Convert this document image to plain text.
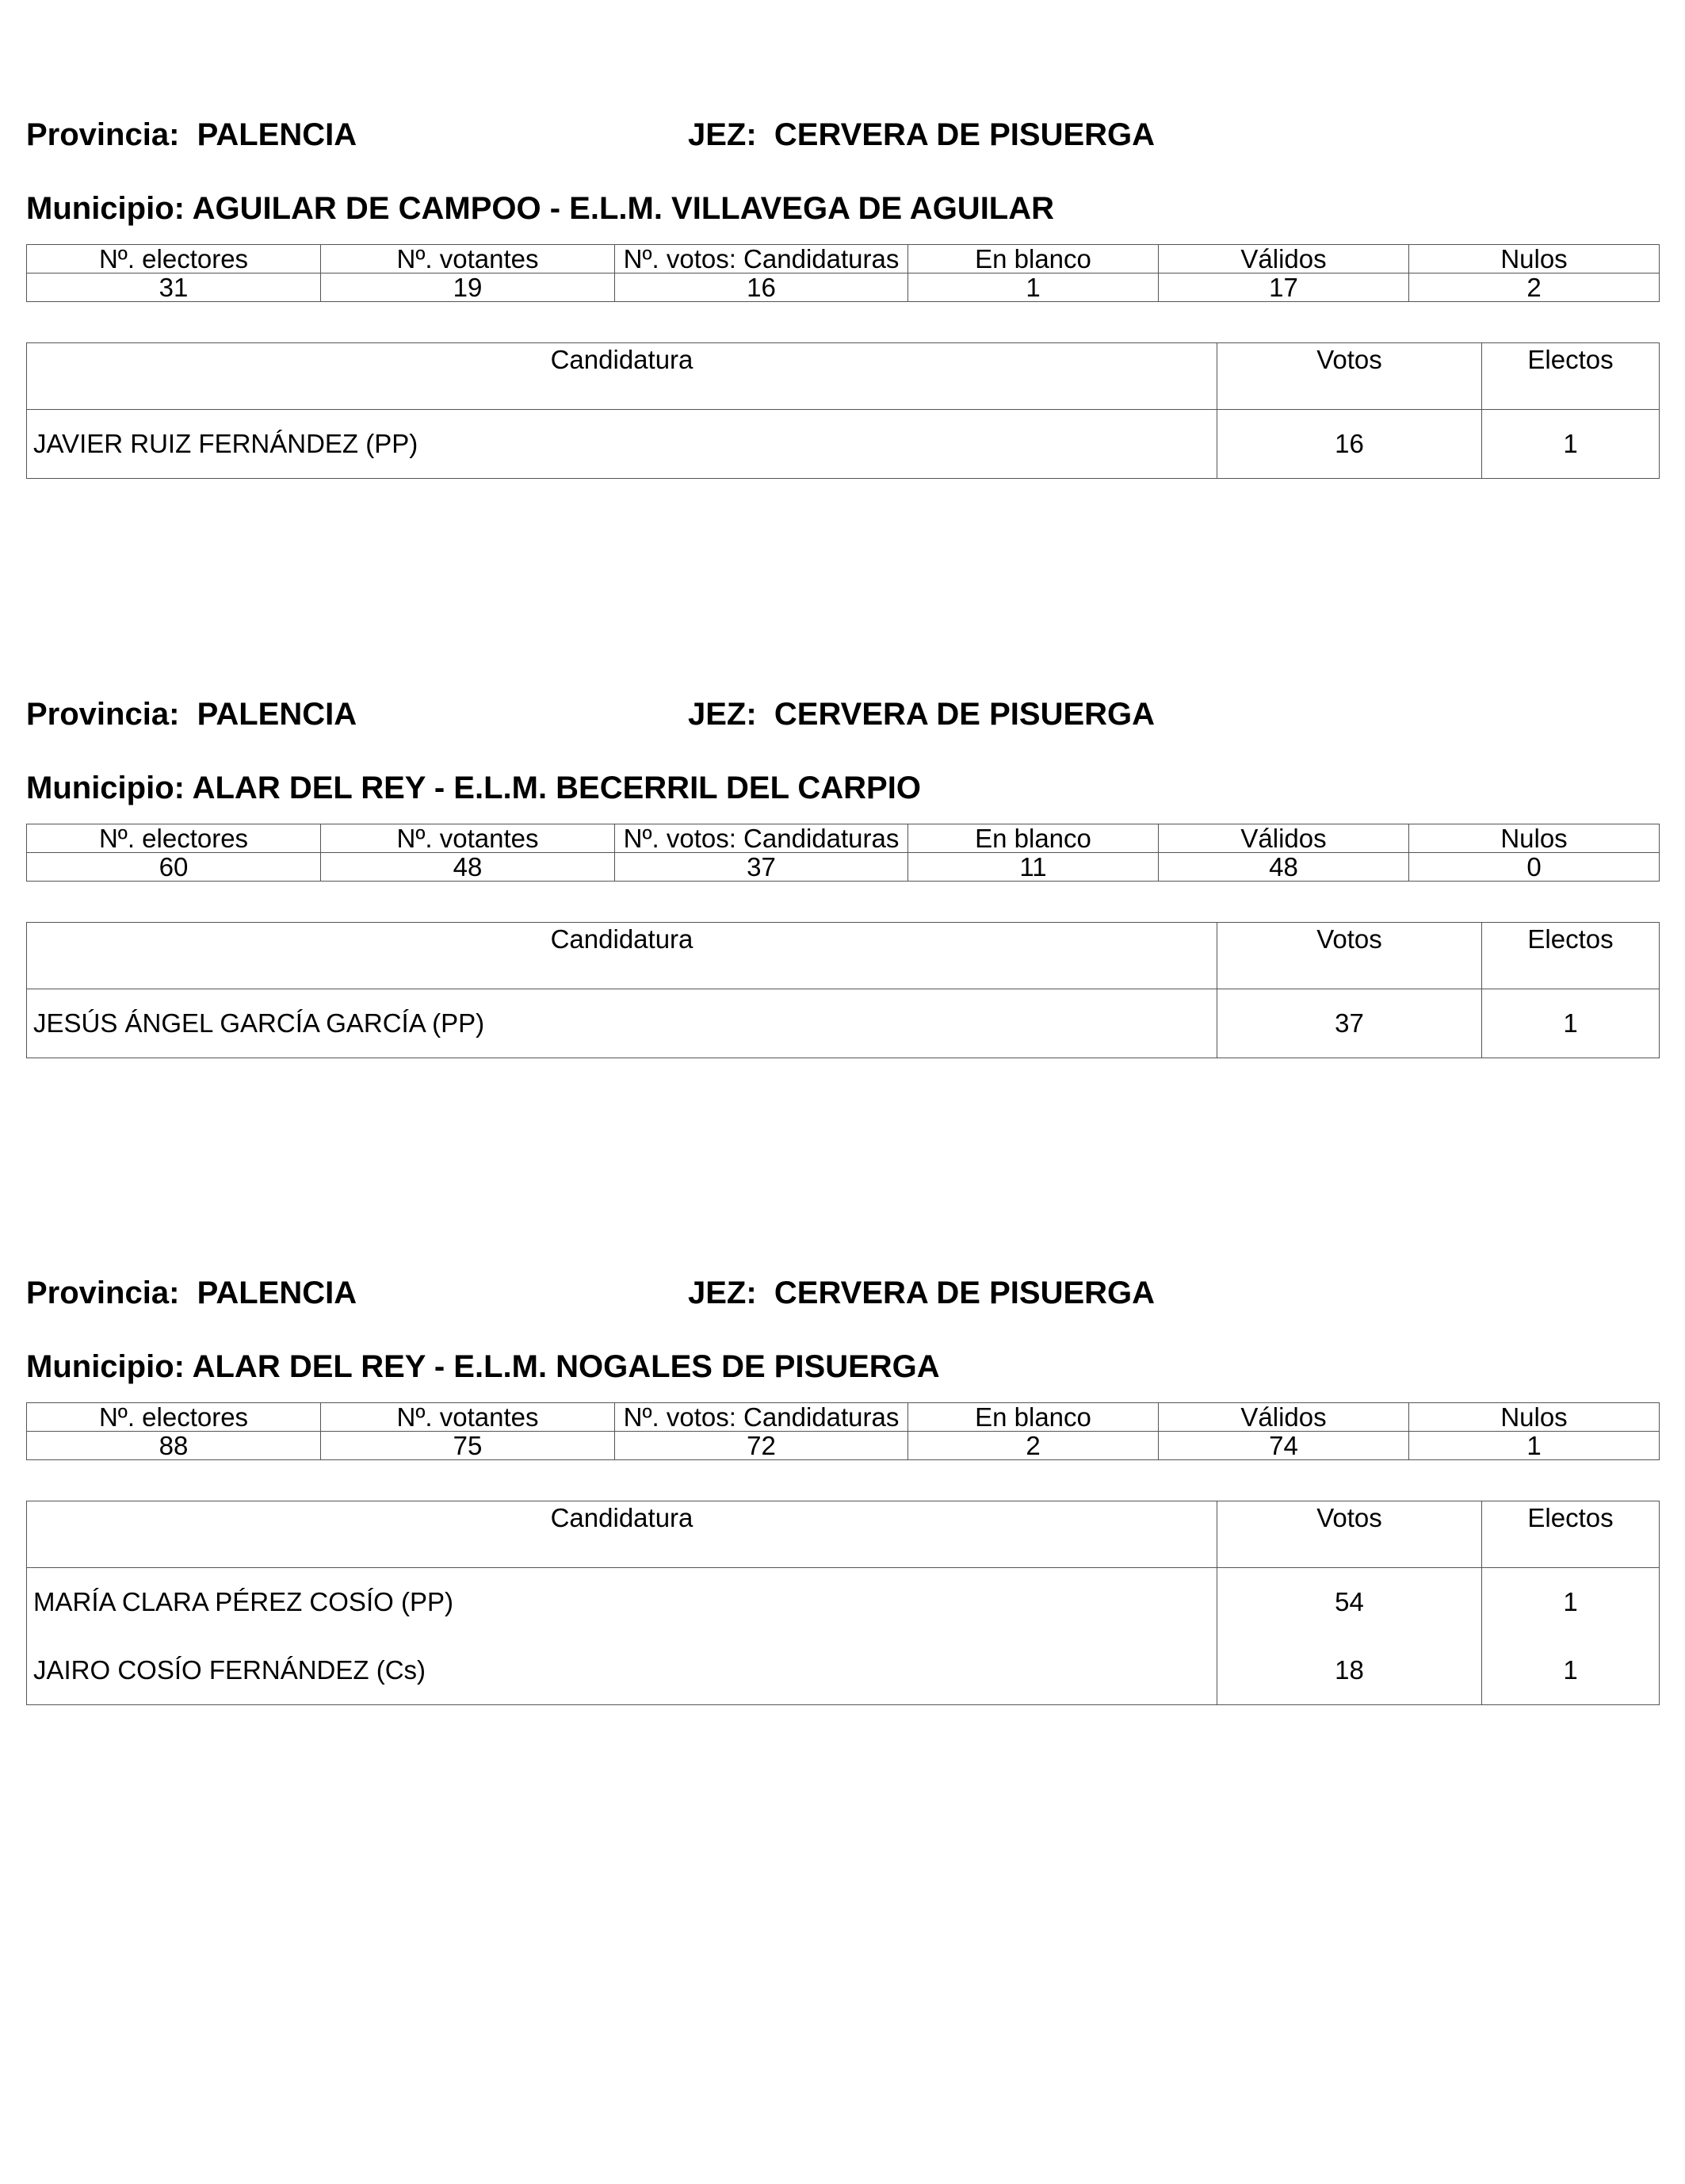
Provincia: PALENCIA	JEZ: CERVERA DE PISUERGA
Municipio: AGUILAR DE CAMPOO - E.L.M. VILLAVEGA DE AGUILAR
Nº. electores	Nº. votantes	Nº. votos: Candidaturas	En blanco	Válidos	Nulos
31	19	16	1	17	2
Candidatura	Votos	Electos
JAVIER RUIZ FERNÁNDEZ (PP)	16	1
Provincia: PALENCIA	JEZ: CERVERA DE PISUERGA
Municipio: ALAR DEL REY - E.L.M. BECERRIL DEL CARPIO
Nº. electores	Nº. votantes	Nº. votos: Candidaturas	En blanco	Válidos	Nulos
60	48	37	11	48	0
Candidatura	Votos	Electos
JESÚS ÁNGEL GARCÍA GARCÍA (PP)	37	1
Provincia: PALENCIA	JEZ: CERVERA DE PISUERGA
Municipio: ALAR DEL REY - E.L.M. NOGALES DE PISUERGA
Nº. electores	Nº. votantes	Nº. votos: Candidaturas	En blanco	Válidos	Nulos
88	75	72	2	74	1
Candidatura	Votos	Electos
MARÍA CLARA PÉREZ COSÍO (PP)	54	1
JAIRO COSÍO FERNÁNDEZ (Cs)	18	1
